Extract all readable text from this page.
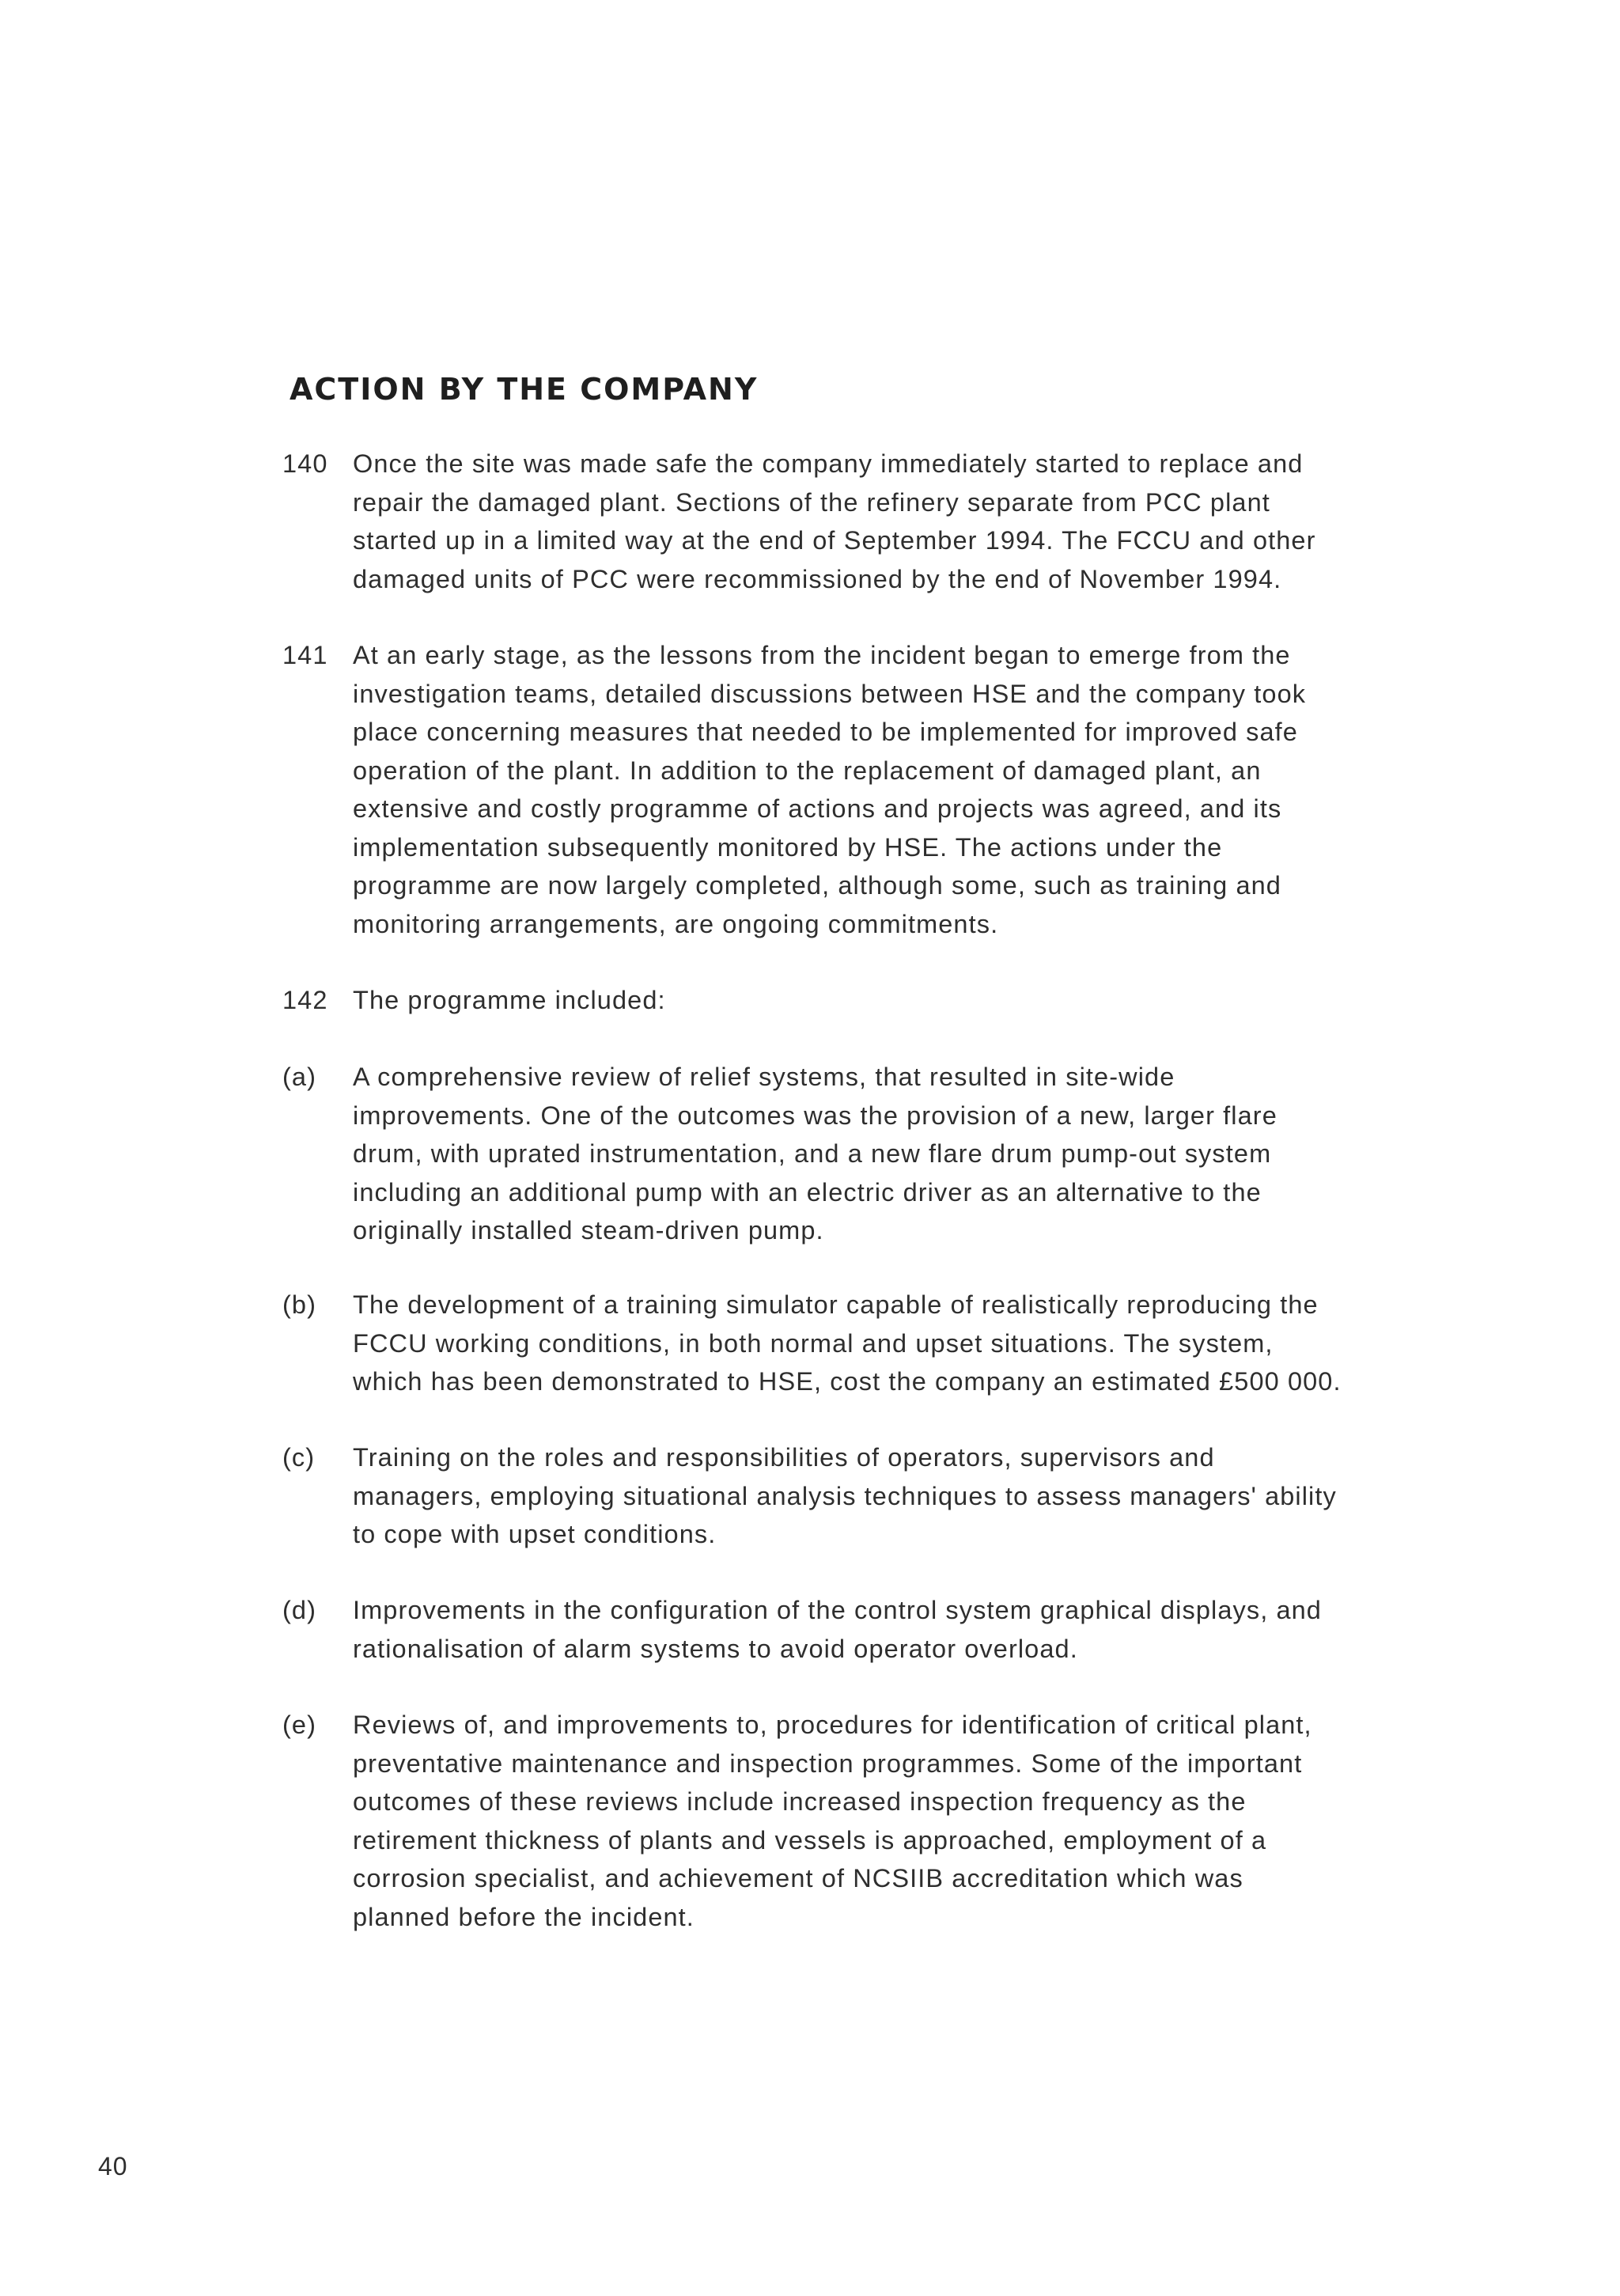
ACTION BY THE COMPANY
140 Once the site was made safe the company immediately started to replace and
repair the damaged plant. Sections of the refinery separate from PCC plant
started up in a limited way at the end of September 1994. The FCCU and other
damaged units of PCC were recommissioned by the end of November 1994.

141 At an early stage, as the lessons from the incident began to emerge from the
investigation teams, detailed discussions between HSE and the company took
place concerning measures that needed to be implemented for improved safe
operation of the plant. In addition to the replacement of damaged plant, an
extensive and costly programme of actions and projects was agreed, and its
implementation subsequently monitored by HSE. The actions under the
programme are now largely completed, although some, such as training and
monitoring arrangements, are ongoing commitments.

142 The programme included:

(a)	A comprehensive review of relief systems, that resulted in site-wide
improvements. One of the outcomes was the provision of a new, larger flare
drum, with uprated instrumentation, and a new flare drum pump-out system
including an additional pump with an electric driver as an alternative to the
originally installed steam-driven pump.

(b)	The development of a training simulator capable of realistically reproducing the
FCCU working conditions, in both normal and upset situations. The system,
which has been demonstrated to HSE, cost the company an estimated £500 000.

(c)	Training on the roles and responsibilities of operators, supervisors and
managers, employing situational analysis techniques to assess managers' ability
to cope with upset conditions.

(d)	Improvements in the configuration of the control system graphical displays, and
rationalisation of alarm systems to avoid operator overload.

(e)	Reviews of, and improvements to, procedures for identification of critical plant,
preventative maintenance and inspection programmes. Some of the important
outcomes of these reviews include increased inspection frequency as the
retirement thickness of plants and vessels is approached, employment of a
corrosion specialist, and achievement of NCSIIB accreditation which was
planned before the incident.

40
